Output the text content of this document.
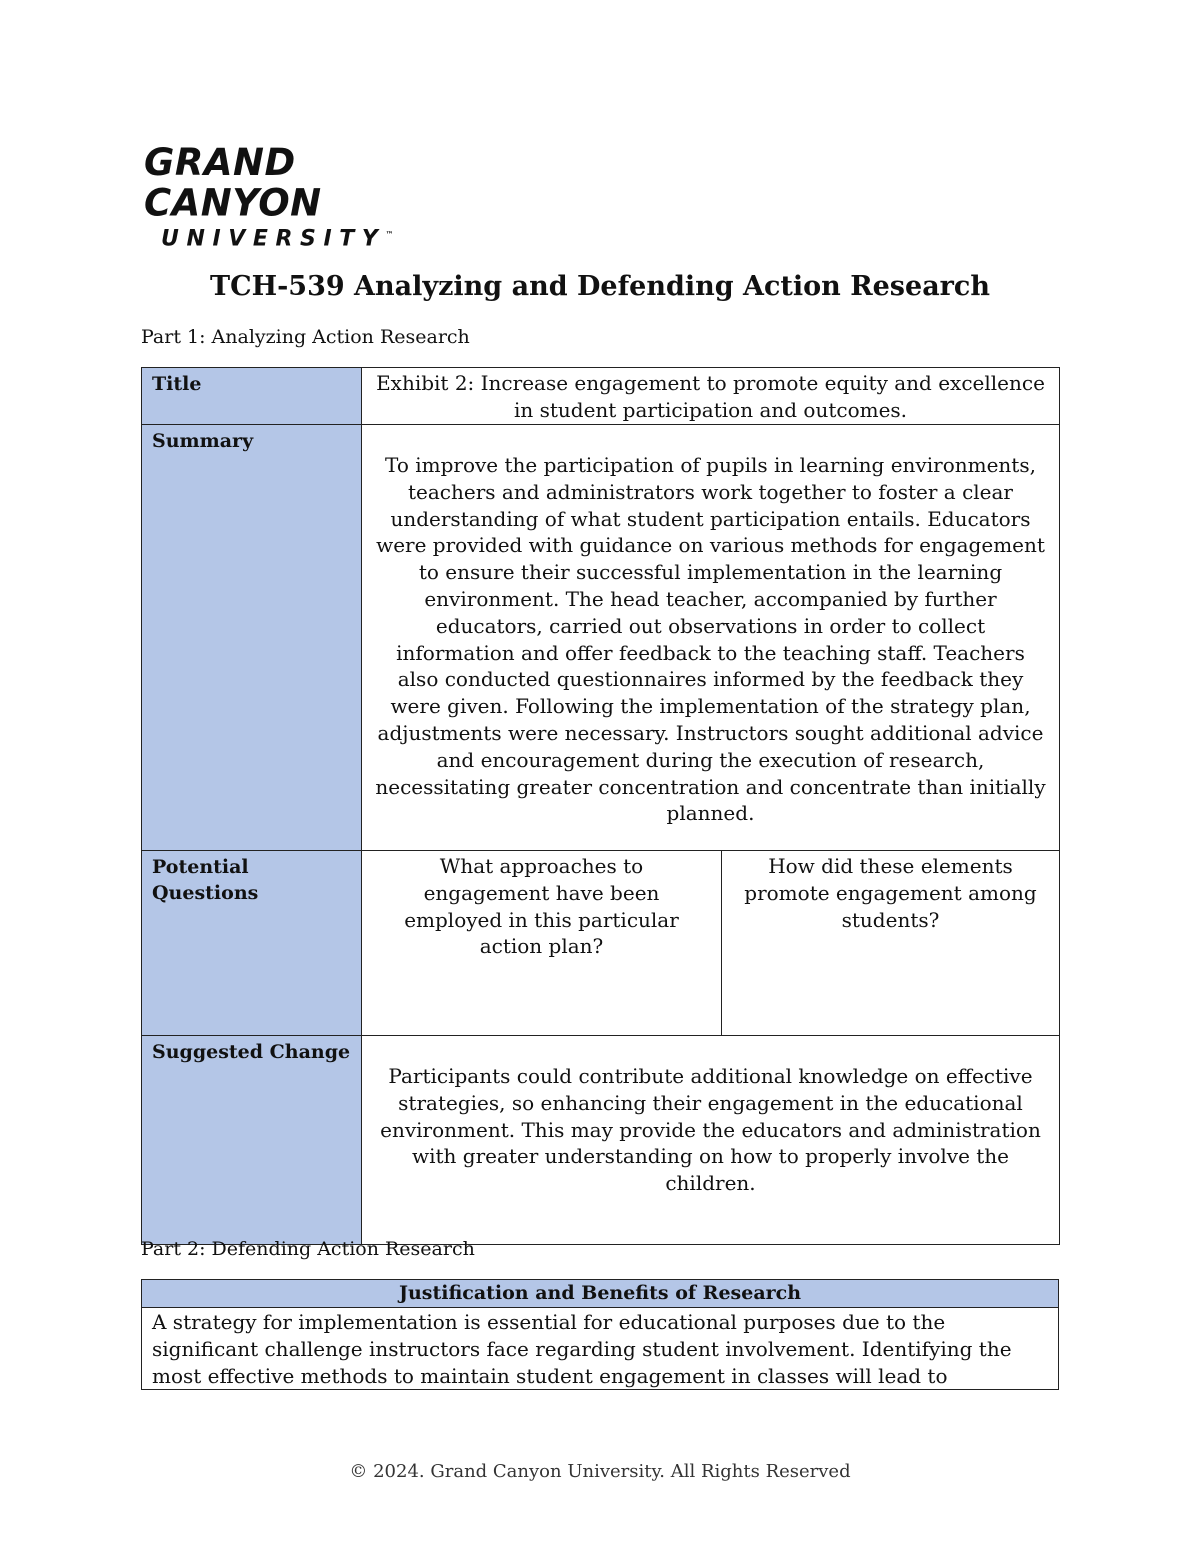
GRAND CANYON
UNIVERSITY™
TCH-539 Analyzing and Defending Action Research
Part 1: Analyzing Action Research
Title	Exhibit 2: Increase engagement to promote equity and excellence in student participation and outcomes.	
Summary	To improve the participation of pupils in learning environments, teachers and administrators work together to foster a clear understanding of what student participation entails. Educators were provided with guidance on various methods for engagement to ensure their successful implementation in the learning environment. The head teacher, accompanied by further educators, carried out observations in order to collect information and offer feedback to the teaching staff. Teachers also conducted questionnaires informed by the feedback they were given. Following the implementation of the strategy plan, adjustments were necessary. Instructors sought additional advice and encouragement during the execution of research, necessitating greater concentration and concentrate than initially planned.	
Potential Questions	What approaches to engagement have been employed in this particular action plan?	How did these elements promote engagement among students?
Suggested Change	Participants could contribute additional knowledge on effective strategies, so enhancing their engagement in the educational environment. This may provide the educators and administration with greater understanding on how to properly involve the children.	
Part 2: Defending Action Research
Justification and Benefits of Research
A strategy for implementation is essential for educational purposes due to the significant challenge instructors face regarding student involvement. Identifying the most effective methods to maintain student engagement in classes will lead to
© 2024. Grand Canyon University. All Rights Reserved
